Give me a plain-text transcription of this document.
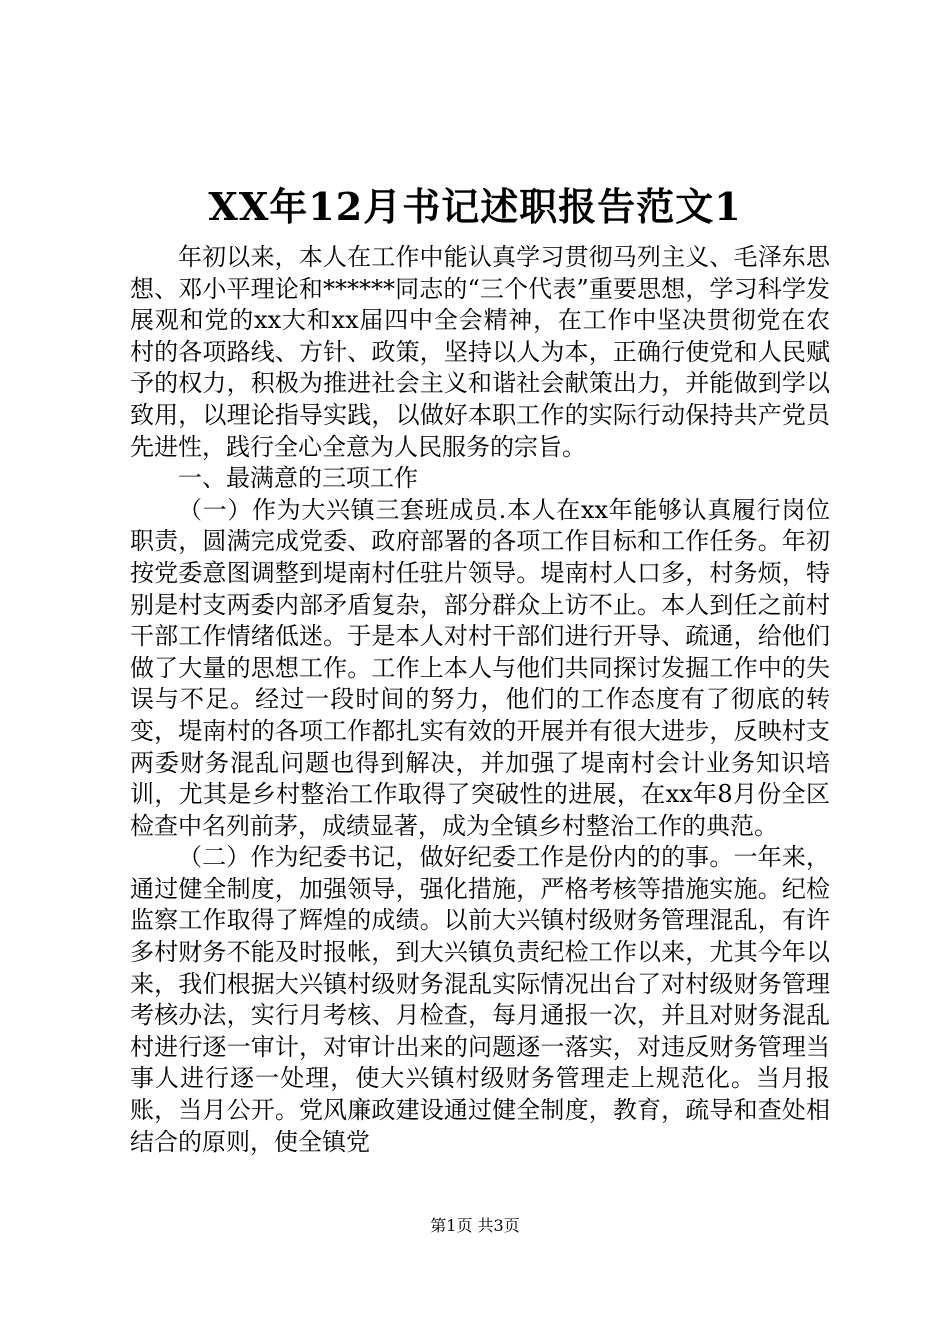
XX年12月书记述职报告范文1

年初以来，本人在工作中能认真学习贯彻马列主义、毛泽东思想、邓小平理论和******同志的“三个代表”重要思想，学习科学发展观和党的xx大和xx届四中全会精神，在工作中坚决贯彻党在农村的各项路线、方针、政策，坚持以人为本，正确行使党和人民赋予的权力，积极为推进社会主义和谐社会献策出力，并能做到学以致用，以理论指导实践，以做好本职工作的实际行动保持共产党员先进性，践行全心全意为人民服务的宗旨。

一、最满意的三项工作

（一）作为大兴镇三套班成员.本人在xx年能够认真履行岗位职责，圆满完成党委、政府部署的各项工作目标和工作任务。年初按党委意图调整到堤南村任驻片领导。堤南村人口多，村务烦，特别是村支两委内部矛盾复杂，部分群众上访不止。本人到任之前村干部工作情绪低迷。于是本人对村干部们进行开导、疏通，给他们做了大量的思想工作。工作上本人与他们共同探讨发掘工作中的失误与不足。经过一段时间的努力，他们的工作态度有了彻底的转变，堤南村的各项工作都扎实有效的开展并有很大进步，反映村支两委财务混乱问题也得到解决，并加强了堤南村会计业务知识培训，尤其是乡村整治工作取得了突破性的进展，在xx年8月份全区检查中名列前茅，成绩显著，成为全镇乡村整治工作的典范。

（二）作为纪委书记，做好纪委工作是份内的的事。一年来，通过健全制度，加强领导，强化措施，严格考核等措施实施。纪检监察工作取得了辉煌的成绩。以前大兴镇村级财务管理混乱，有许多村财务不能及时报帐，到大兴镇负责纪检工作以来，尤其今年以来，我们根据大兴镇村级财务混乱实际情况出台了对村级财务管理考核办法，实行月考核、月检查，每月通报一次，并且对财务混乱村进行逐一审计，对审计出来的问题逐一落实，对违反财务管理当事人进行逐一处理，使大兴镇村级财务管理走上规范化。当月报账，当月公开。党风廉政建设通过健全制度，教育，疏导和查处相结合的原则，使全镇党

第1页 共3页
